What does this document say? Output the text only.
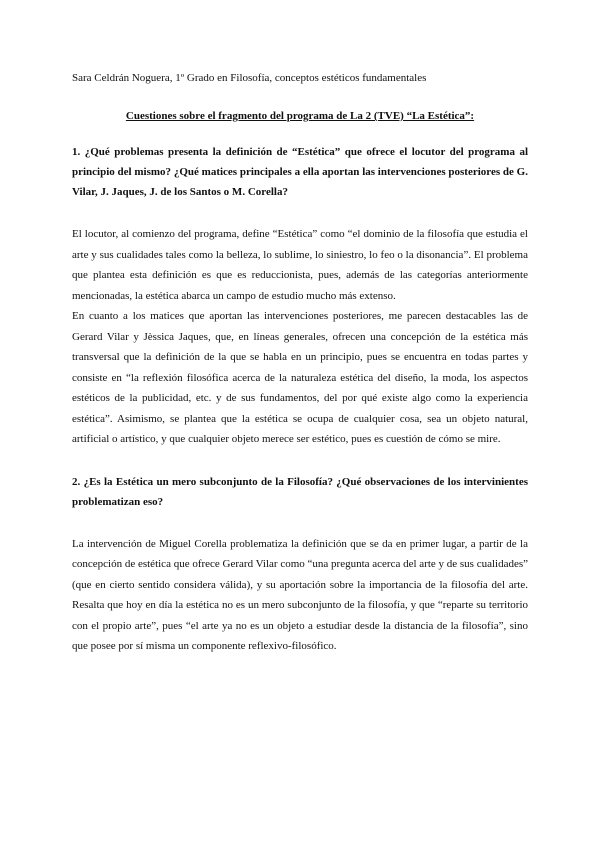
Sara Celdrán Noguera, 1º Grado en Filosofía, conceptos estéticos fundamentales

Cuestiones sobre el fragmento del programa de La 2 (TVE) “La Estética”:

1. ¿Qué problemas presenta la definición de “Estética” que ofrece el locutor del programa al principio del mismo? ¿Qué matices principales a ella aportan las intervenciones posteriores de G. Vilar, J. Jaques, J. de los Santos o M. Corella?

El locutor, al comienzo del programa, define “Estética” como “el dominio de la filosofía que estudia el arte y sus cualidades tales como la belleza, lo sublime, lo siniestro, lo feo o la disonancia”. El problema que plantea esta definición es que es reduccionista, pues, además de las categorías anteriormente mencionadas, la estética abarca un campo de estudio mucho más extenso.

En cuanto a los matices que aportan las intervenciones posteriores, me parecen destacables las de Gerard Vilar y Jèssica Jaques, que, en líneas generales, ofrecen una concepción de la estética más transversal que la definición de la que se habla en un principio, pues se encuentra en todas partes y consiste en “la reflexión filosófica acerca de la naturaleza estética del diseño, la moda, los aspectos estéticos de la publicidad, etc. y de sus fundamentos, del por qué existe algo como la experiencia estética”. Asimismo, se plantea que la estética se ocupa de cualquier cosa, sea un objeto natural, artificial o artístico, y que cualquier objeto merece ser estético, pues es cuestión de cómo se mire.

2. ¿Es la Estética un mero subconjunto de la Filosofía? ¿Qué observaciones de los intervinientes problematizan eso?

La intervención de Miguel Corella problematiza la definición que se da en primer lugar, a partir de la concepción de estética que ofrece Gerard Vilar como “una pregunta acerca del arte y de sus cualidades” (que en cierto sentido considera válida), y su aportación sobre la importancia de la filosofía del arte. Resalta que hoy en día la estética no es un mero subconjunto de la filosofía, y que “reparte su territorio con el propio arte”, pues “el arte ya no es un objeto a estudiar desde la distancia de la filosofía”, sino que posee por sí misma un componente reflexivo-filosófico.
